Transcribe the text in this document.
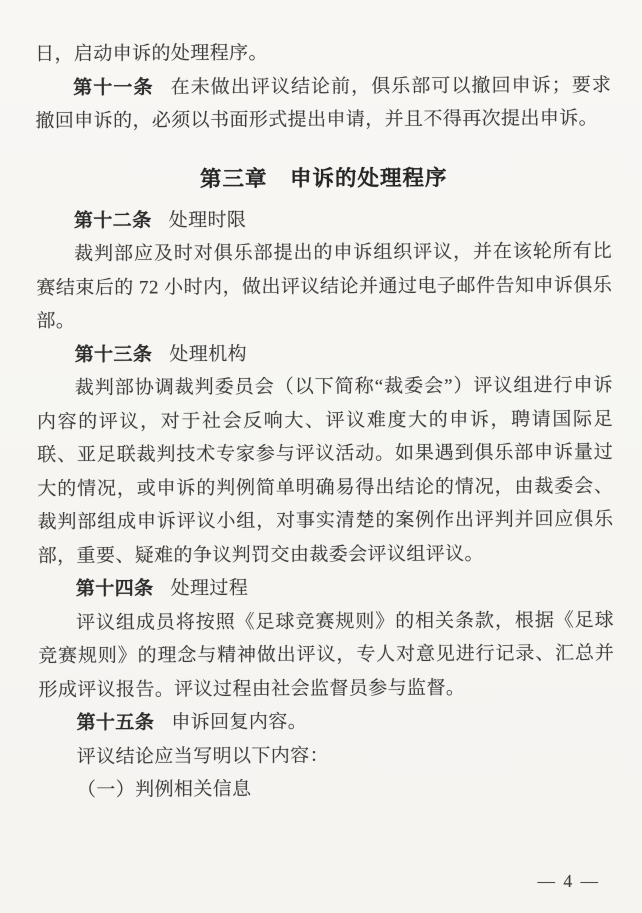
日，启动申诉的处理程序。

第十一条 在未做出评议结论前，俱乐部可以撤回申诉；要求撤回申诉的，必须以书面形式提出申请，并且不得再次提出申诉。

第三章　申诉的处理程序

第十二条 处理时限

裁判部应及时对俱乐部提出的申诉组织评议，并在该轮所有比赛结束后的 72 小时内，做出评议结论并通过电子邮件告知申诉俱乐部。

第十三条 处理机构

裁判部协调裁判委员会（以下简称“裁委会”）评议组进行申诉内容的评议，对于社会反响大、评议难度大的申诉，聘请国际足联、亚足联裁判技术专家参与评议活动。如果遇到俱乐部申诉量过大的情况，或申诉的判例简单明确易得出结论的情况，由裁委会、裁判部组成申诉评议小组，对事实清楚的案例作出评判并回应俱乐部，重要、疑难的争议判罚交由裁委会评议组评议。

第十四条 处理过程

评议组成员将按照《足球竞赛规则》的相关条款，根据《足球竞赛规则》的理念与精神做出评议，专人对意见进行记录、汇总并形成评议报告。评议过程由社会监督员参与监督。

第十五条 申诉回复内容。

评议结论应当写明以下内容：

（一）判例相关信息

— 4 —
